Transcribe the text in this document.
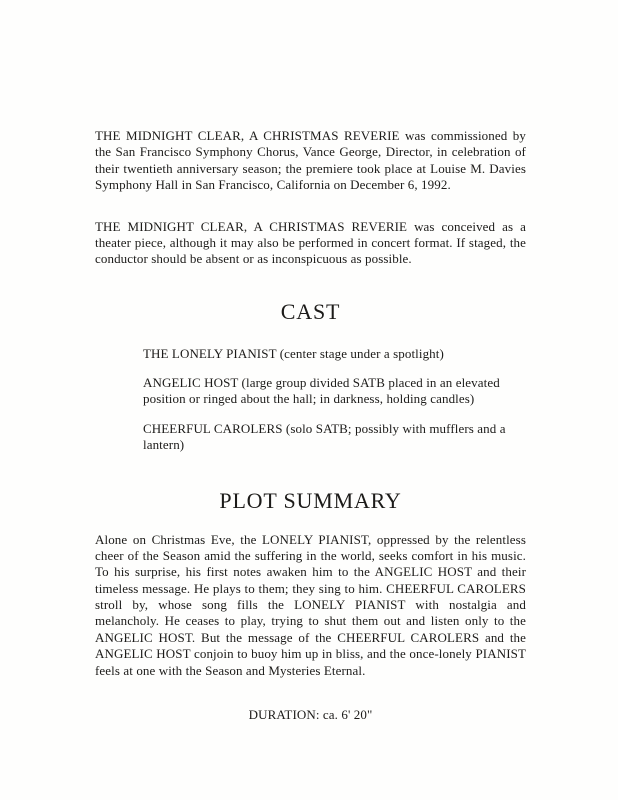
THE MIDNIGHT CLEAR, A CHRISTMAS REVERIE was commissioned by the San Francisco Symphony Chorus, Vance George, Director, in celebration of their twentieth anniversary season; the premiere took place at Louise M. Davies Symphony Hall in San Francisco, California on December 6, 1992.

THE MIDNIGHT CLEAR, A CHRISTMAS REVERIE was conceived as a theater piece, although it may also be performed in concert format. If staged, the conductor should be absent or as inconspicuous as possible.

CAST
THE LONELY PIANIST (center stage under a spotlight)
ANGELIC HOST (large group divided SATB placed in an elevated position or ringed about the hall; in darkness, holding candles)
CHEERFUL CAROLERS (solo SATB; possibly with mufflers and a lantern)
PLOT SUMMARY

Alone on Christmas Eve, the LONELY PIANIST, oppressed by the relentless cheer of the Season amid the suffering in the world, seeks comfort in his music. To his surprise, his first notes awaken him to the ANGELIC HOST and their timeless message. He plays to them; they sing to him. CHEERFUL CAROLERS stroll by, whose song fills the LONELY PIANIST with nostalgia and melancholy. He ceases to play, trying to shut them out and listen only to the ANGELIC HOST. But the message of the CHEERFUL CAROLERS and the ANGELIC HOST conjoin to buoy him up in bliss, and the once-lonely PIANIST feels at one with the Season and Mysteries Eternal.

DURATION: ca. 6' 20"
